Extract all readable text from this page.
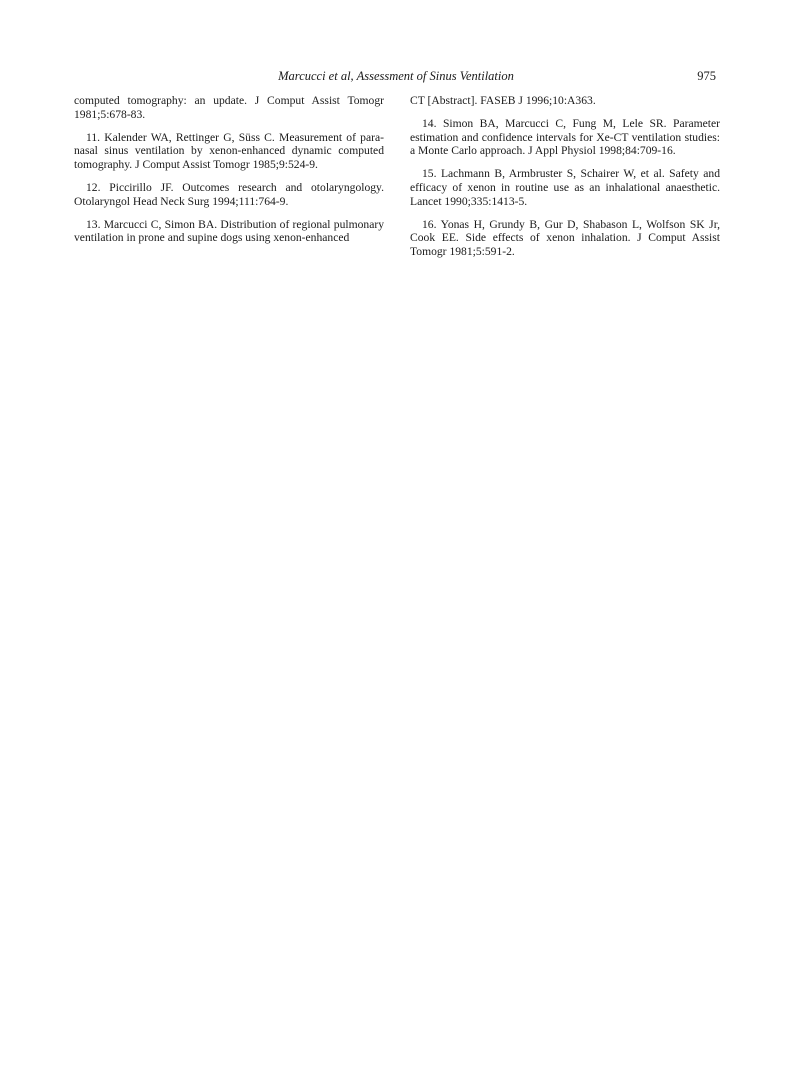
Marcucci et al, Assessment of Sinus Ventilation	975

computed tomography: an update. J Comput Assist Tomogr 1981;5:678-83.

11. Kalender WA, Rettinger G, Süss C. Measurement of paranasal sinus ventilation by xenon-enhanced dynamic computed tomography. J Comput Assist Tomogr 1985;9:524-9.

12. Piccirillo JF. Outcomes research and otolaryngology. Otolaryngol Head Neck Surg 1994;111:764-9.

13. Marcucci C, Simon BA. Distribution of regional pulmonary ventilation in prone and supine dogs using xenon-enhanced

CT [Abstract]. FASEB J 1996;10:A363.

14. Simon BA, Marcucci C, Fung M, Lele SR. Parameter estimation and confidence intervals for Xe-CT ventilation studies: a Monte Carlo approach. J Appl Physiol 1998;84:709-16.

15. Lachmann B, Armbruster S, Schairer W, et al. Safety and efficacy of xenon in routine use as an inhalational anaesthetic. Lancet 1990;335:1413-5.

16. Yonas H, Grundy B, Gur D, Shabason L, Wolfson SK Jr, Cook EE. Side effects of xenon inhalation. J Comput Assist Tomogr 1981;5:591-2.
